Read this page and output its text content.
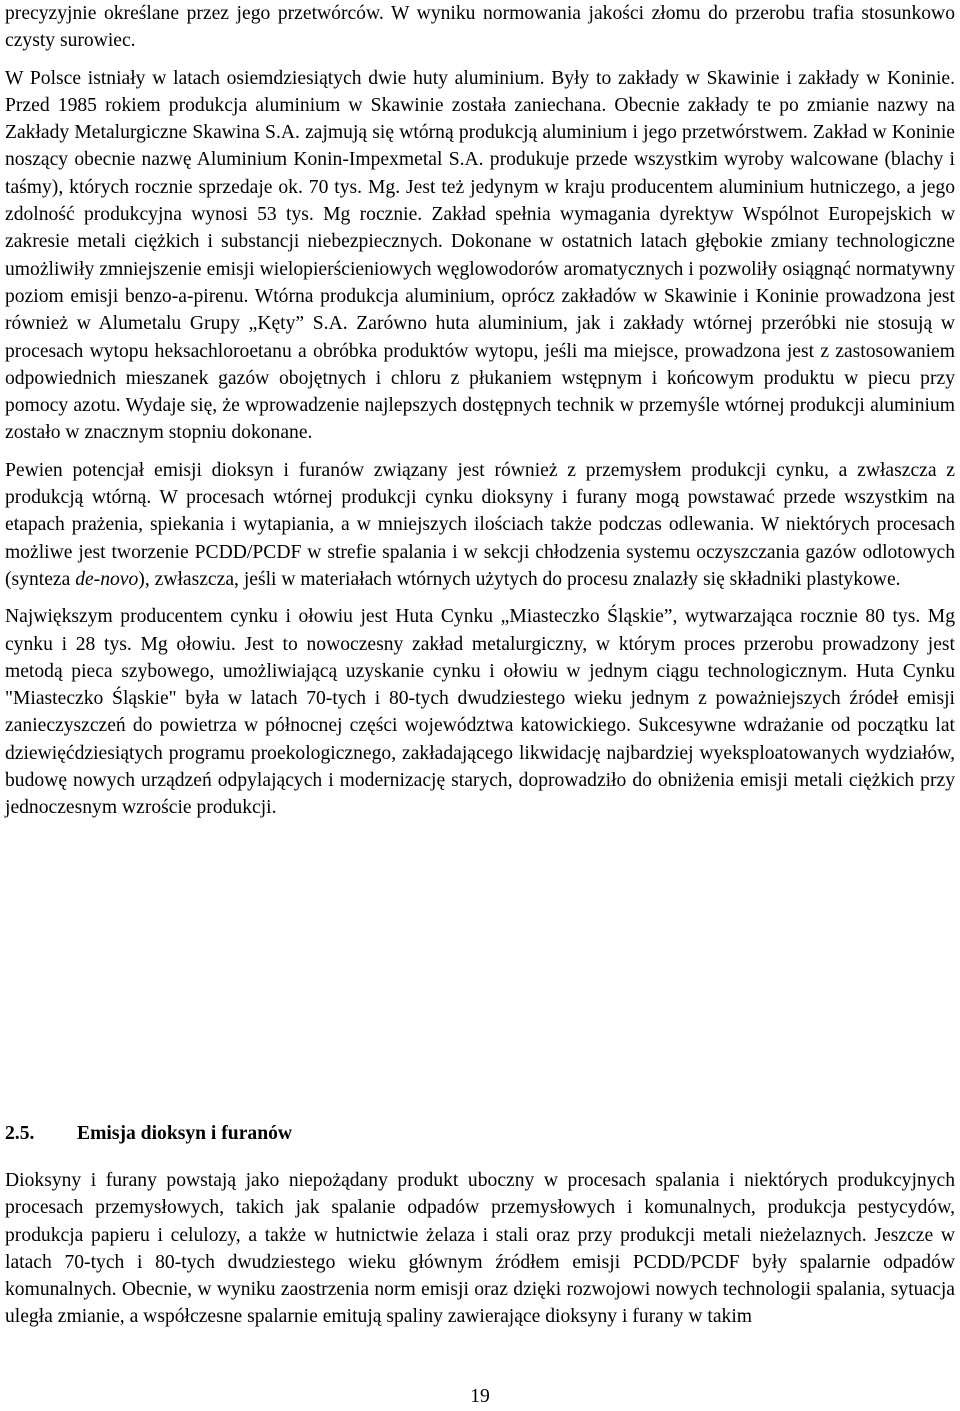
precyzyjnie określane przez jego przetwórców. W wyniku normowania jakości złomu do przerobu trafia stosunkowo czysty surowiec.

W Polsce istniały w latach osiemdziesiątych dwie huty aluminium. Były to zakłady w Skawinie i zakłady w Koninie. Przed 1985 rokiem produkcja aluminium w Skawinie została zaniechana. Obecnie zakłady te po zmianie nazwy na Zakłady Metalurgiczne Skawina S.A. zajmują się wtórną produkcją aluminium i jego przetwórstwem. Zakład w Koninie noszący obecnie nazwę Aluminium Konin-Impexmetal S.A. produkuje przede wszystkim wyroby walcowane (blachy i taśmy), których rocznie sprzedaje ok. 70 tys. Mg. Jest też jedynym w kraju producentem aluminium hutniczego, a jego zdolność produkcyjna wynosi 53 tys. Mg rocznie. Zakład spełnia wymagania dyrektyw Wspólnot Europejskich w zakresie metali ciężkich i substancji niebezpiecznych. Dokonane w ostatnich latach głębokie zmiany technologiczne umożliwiły zmniejszenie emisji wielopierścieniowych węglowodorów aromatycznych i pozwoliły osiągnąć normatywny poziom emisji benzo-a-pirenu. Wtórna produkcja aluminium, oprócz zakładów w Skawinie i Koninie prowadzona jest również w Alumetalu Grupy „Kęty” S.A. Zarówno huta aluminium, jak i zakłady wtórnej przeróbki nie stosują w procesach wytopu heksachloroetanu a obróbka produktów wytopu, jeśli ma miejsce, prowadzona jest z zastosowaniem odpowiednich mieszanek gazów obojętnych i chloru z płukaniem wstępnym i końcowym produktu w piecu przy pomocy azotu. Wydaje się, że wprowadzenie najlepszych dostępnych technik w przemyśle wtórnej produkcji aluminium zostało w znacznym stopniu dokonane.

Pewien potencjał emisji dioksyn i furanów związany jest również z przemysłem produkcji cynku, a zwłaszcza z produkcją wtórną. W procesach wtórnej produkcji cynku dioksyny i furany mogą powstawać przede wszystkim na etapach prażenia, spiekania i wytapiania, a w mniejszych ilościach także podczas odlewania. W niektórych procesach możliwe jest tworzenie PCDD/PCDF w strefie spalania i w sekcji chłodzenia systemu oczyszczania gazów odlotowych (synteza de-novo), zwłaszcza, jeśli w materiałach wtórnych użytych do procesu znalazły się składniki plastykowe.

Największym producentem cynku i ołowiu jest Huta Cynku „Miasteczko Śląskie”, wytwarzająca rocznie 80 tys. Mg cynku i 28 tys. Mg ołowiu. Jest to nowoczesny zakład metalurgiczny, w którym proces przerobu prowadzony jest metodą pieca szybowego, umożliwiającą uzyskanie cynku i ołowiu w jednym ciągu technologicznym. Huta Cynku "Miasteczko Śląskie" była w latach 70-tych i 80-tych dwudziestego wieku jednym z poważniejszych źródeł emisji zanieczyszczeń do powietrza w północnej części województwa katowickiego. Sukcesywne wdrażanie od początku lat dziewięćdziesiątych programu proekologicznego, zakładającego likwidację najbardziej wyeksploatowanych wydziałów, budowę nowych urządzeń odpylających i modernizację starych, doprowadziło do obniżenia emisji metali ciężkich przy jednoczesnym wzroście produkcji.

2.5. Emisja dioksyn i furanów

Dioksyny i furany powstają jako niepożądany produkt uboczny w procesach spalania i niektórych produkcyjnych procesach przemysłowych, takich jak spalanie odpadów przemysłowych i komunalnych, produkcja pestycydów, produkcja papieru i celulozy, a także w hutnictwie żelaza i stali oraz przy produkcji metali nieżelaznych. Jeszcze w latach 70-tych i 80-tych dwudziestego wieku głównym źródłem emisji PCDD/PCDF były spalarnie odpadów komunalnych. Obecnie, w wyniku zaostrzenia norm emisji oraz dzięki rozwojowi nowych technologii spalania, sytuacja uległa zmianie, a współczesne spalarnie emitują spaliny zawierające dioksyny i furany w takim

19
